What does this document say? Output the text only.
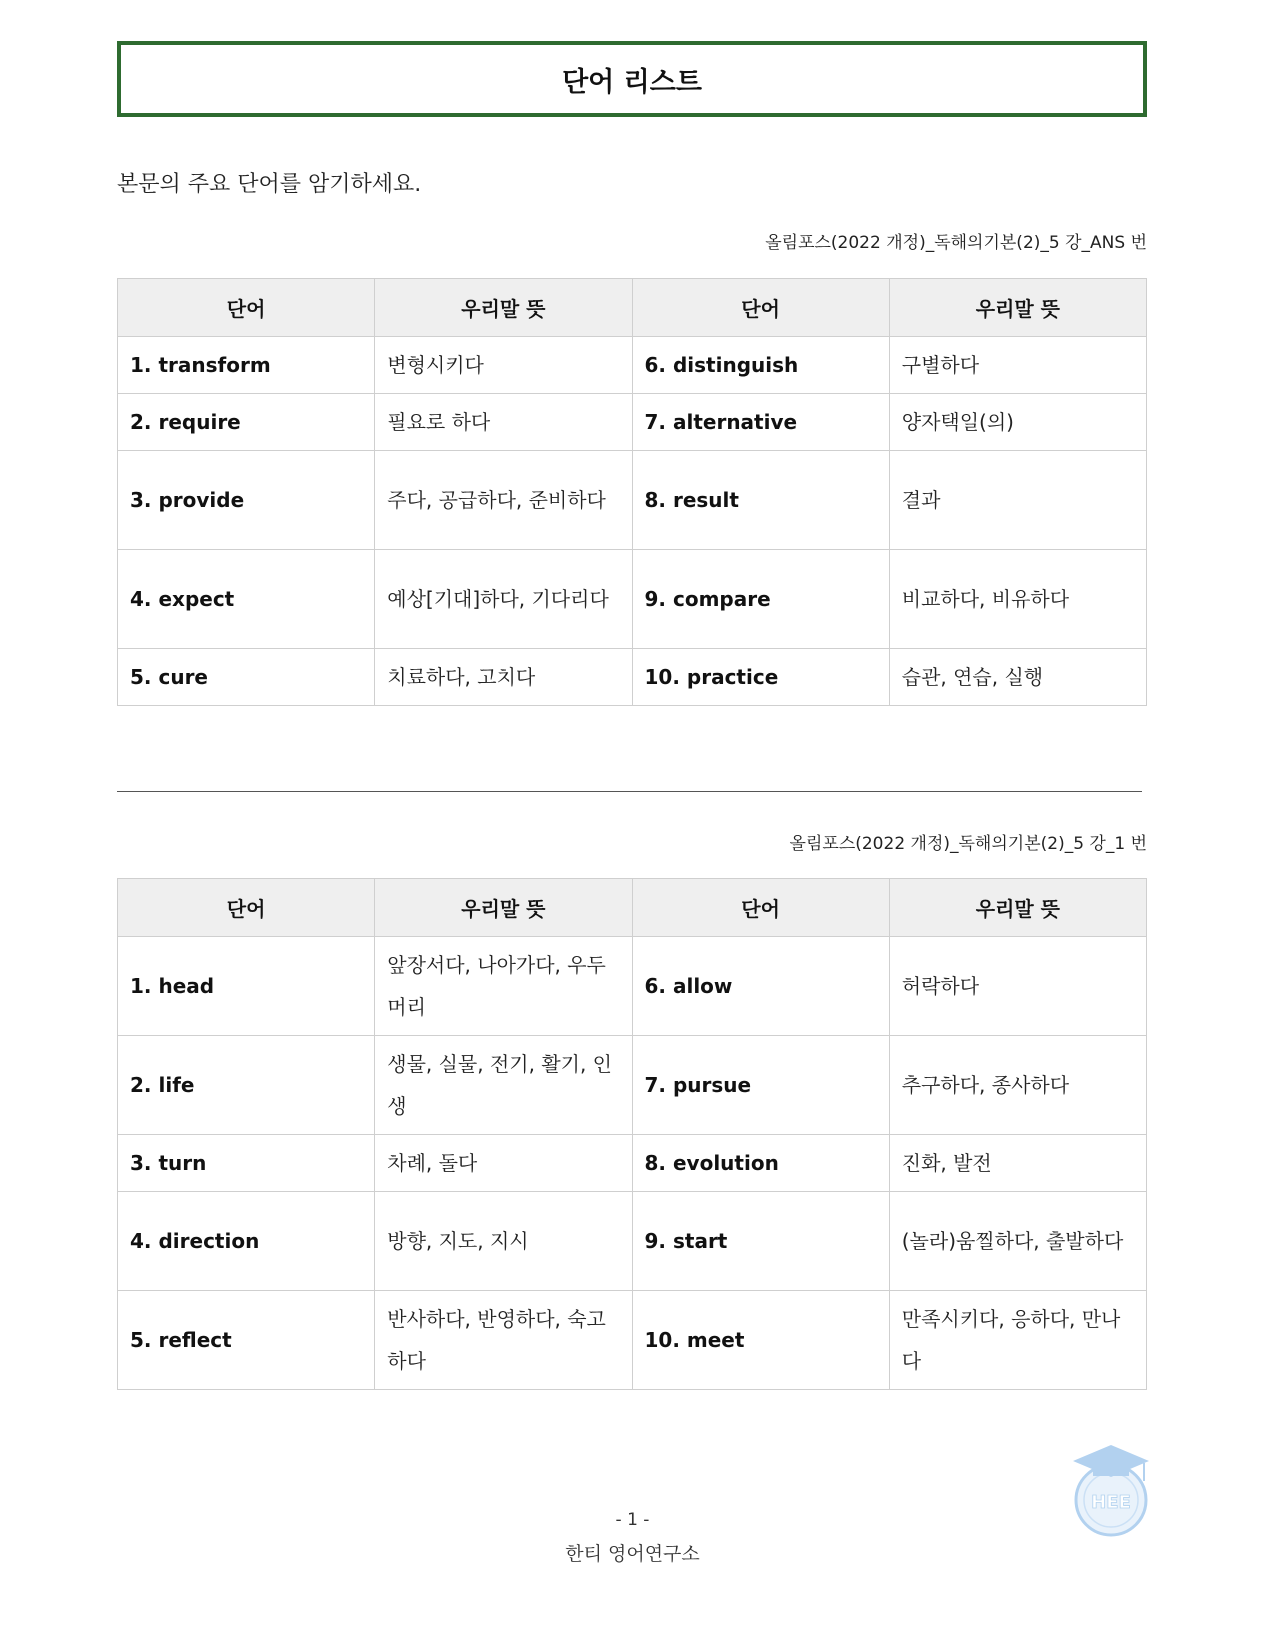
단어 리스트
본문의 주요 단어를 암기하세요.
올림포스(2022 개정)_독해의기본(2)_5 강_ANS 번
단어	우리말 뜻	단어	우리말 뜻
1. transform	변형시키다	6. distinguish	구별하다
2. require	필요로 하다	7. alternative	양자택일(의)
3. provide	주다, 공급하다, 준비하다	8. result	결과
4. expect	예상[기대]하다, 기다리다	9. compare	비교하다, 비유하다
5. cure	치료하다, 고치다	10. practice	습관, 연습, 실행
올림포스(2022 개정)_독해의기본(2)_5 강_1 번
단어	우리말 뜻	단어	우리말 뜻
1. head	앞장서다, 나아가다, 우두머리	6. allow	허락하다
2. life	생물, 실물, 전기, 활기, 인생	7. pursue	추구하다, 종사하다
3. turn	차례, 돌다	8. evolution	진화, 발전
4. direction	방향, 지도, 지시	9. start	(놀라)움찔하다, 출발하다
5. reflect	반사하다, 반영하다, 숙고하다	10. meet	만족시키다, 응하다, 만나다
HEE
- 1 -
한티 영어연구소
